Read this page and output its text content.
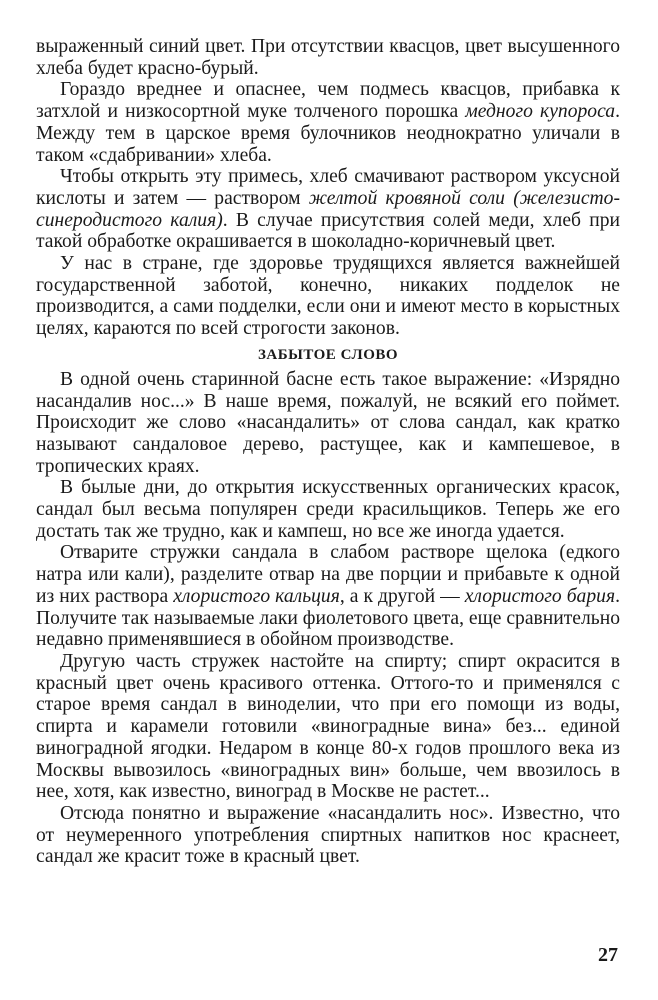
выраженный синий цвет. При отсутствии квасцов, цвет высушенного хлеба будет красно-бурый.

Гораздо вреднее и опаснее, чем подмесь квасцов, прибавка к затхлой и низкосортной муке толченого порошка медного купороса. Между тем в царское время булочников неоднократно уличали в таком «сдабривании» хлеба.

Чтобы открыть эту примесь, хлеб смачивают раствором уксусной кислоты и затем — раствором желтой кровяной соли (железисто-синеродистого калия). В случае присутствия солей меди, хлеб при такой обработке окрашивается в шоколадно-коричневый цвет.

У нас в стране, где здоровье трудящихся является важнейшей государственной заботой, конечно, никаких подделок не производится, а сами подделки, если они и имеют место в корыстных целях, караются по всей строгости законов.

ЗАБЫТОЕ СЛОВО

В одной очень старинной басне есть такое выражение: «Изрядно насандалив нос...» В наше время, пожалуй, не всякий его поймет. Происходит же слово «насандалить» от слова сандал, как кратко называют сандаловое дерево, растущее, как и кампешевое, в тропических краях.

В былые дни, до открытия искусственных органических красок, сандал был весьма популярен среди красильщиков. Теперь же его достать так же трудно, как и кампеш, но все же иногда удается.

Отварите стружки сандала в слабом растворе щелока (едкого натра или кали), разделите отвар на две порции и прибавьте к одной из них раствора хлористого кальция, а к другой — хлористого бария. Получите так называемые лаки фиолетового цвета, еще сравнительно недавно применявшиеся в обойном производстве.

Другую часть стружек настойте на спирту; спирт окрасится в красный цвет очень красивого оттенка. Оттого-то и применялся с старое время сандал в виноделии, что при его помощи из воды, спирта и карамели готовили «виноградные вина» без... единой виноградной ягодки. Недаром в конце 80-х годов прошлого века из Москвы вывозилось «виноградных вин» больше, чем ввозилось в нее, хотя, как известно, виноград в Москве не растет...

Отсюда понятно и выражение «насандалить нос». Известно, что от неумеренного употребления спиртных напитков нос краснеет, сандал же красит тоже в красный цвет.

27
